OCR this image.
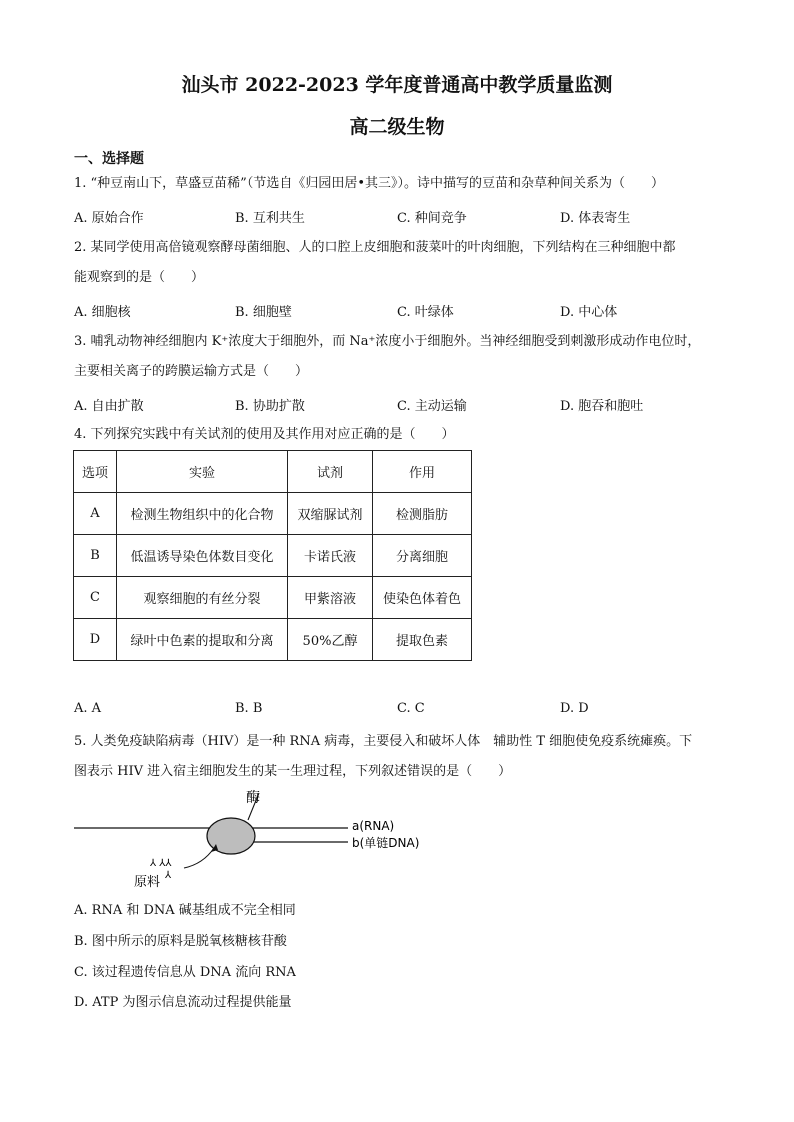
汕头市 2022-2023 学年度普通高中教学质量监测
高二级生物
一、选择题
1. “种豆南山下，草盛豆苗稀”（节选自《归园田居•其三》）。诗中描写的豆苗和杂草种间关系为（　　）
A. 原始合作	B. 互利共生	C. 种间竞争	D. 体表寄生
2. 某同学使用高倍镜观察酵母菌细胞、人的口腔上皮细胞和菠菜叶的叶肉细胞，下列结构在三种细胞中都
能观察到的是（　　）
A. 细胞核	B. 细胞壁	C. 叶绿体	D. 中心体
3. 哺乳动物神经细胞内 K⁺浓度大于细胞外，而 Na⁺浓度小于细胞外。当神经细胞受到刺激形成动作电位时，
主要相关离子的跨膜运输方式是（　　）
A. 自由扩散	B. 协助扩散	C. 主动运输	D. 胞吞和胞吐
4. 下列探究实践中有关试剂的使用及其作用对应正确的是（　　）
选项	实验	试剂	作用
A	检测生物组织中的化合物	双缩脲试剂	检测脂肪
B	低温诱导染色体数目变化	卡诺氏液	分离细胞
C	观察细胞的有丝分裂	甲紫溶液	使染色体着色
D	绿叶中色素的提取和分离	50%乙醇	提取色素
A. A	B. B	C. C	D. D
5. 人类免疫缺陷病毒（HIV）是一种 RNA 病毒，主要侵入和破坏人体　辅助性 T 细胞使免疫系统瘫痪。下
图表示 HIV 进入宿主细胞发生的某一生理过程，下列叙述错误的是（　　）
酶
a(RNA)
b(单链DNA)
⅄ ⅄⅄
⅄
原料
A. RNA 和 DNA 碱基组成不完全相同
B. 图中所示的原料是脱氧核糖核苷酸
C. 该过程遗传信息从 DNA 流向 RNA
D. ATP 为图示信息流动过程提供能量
